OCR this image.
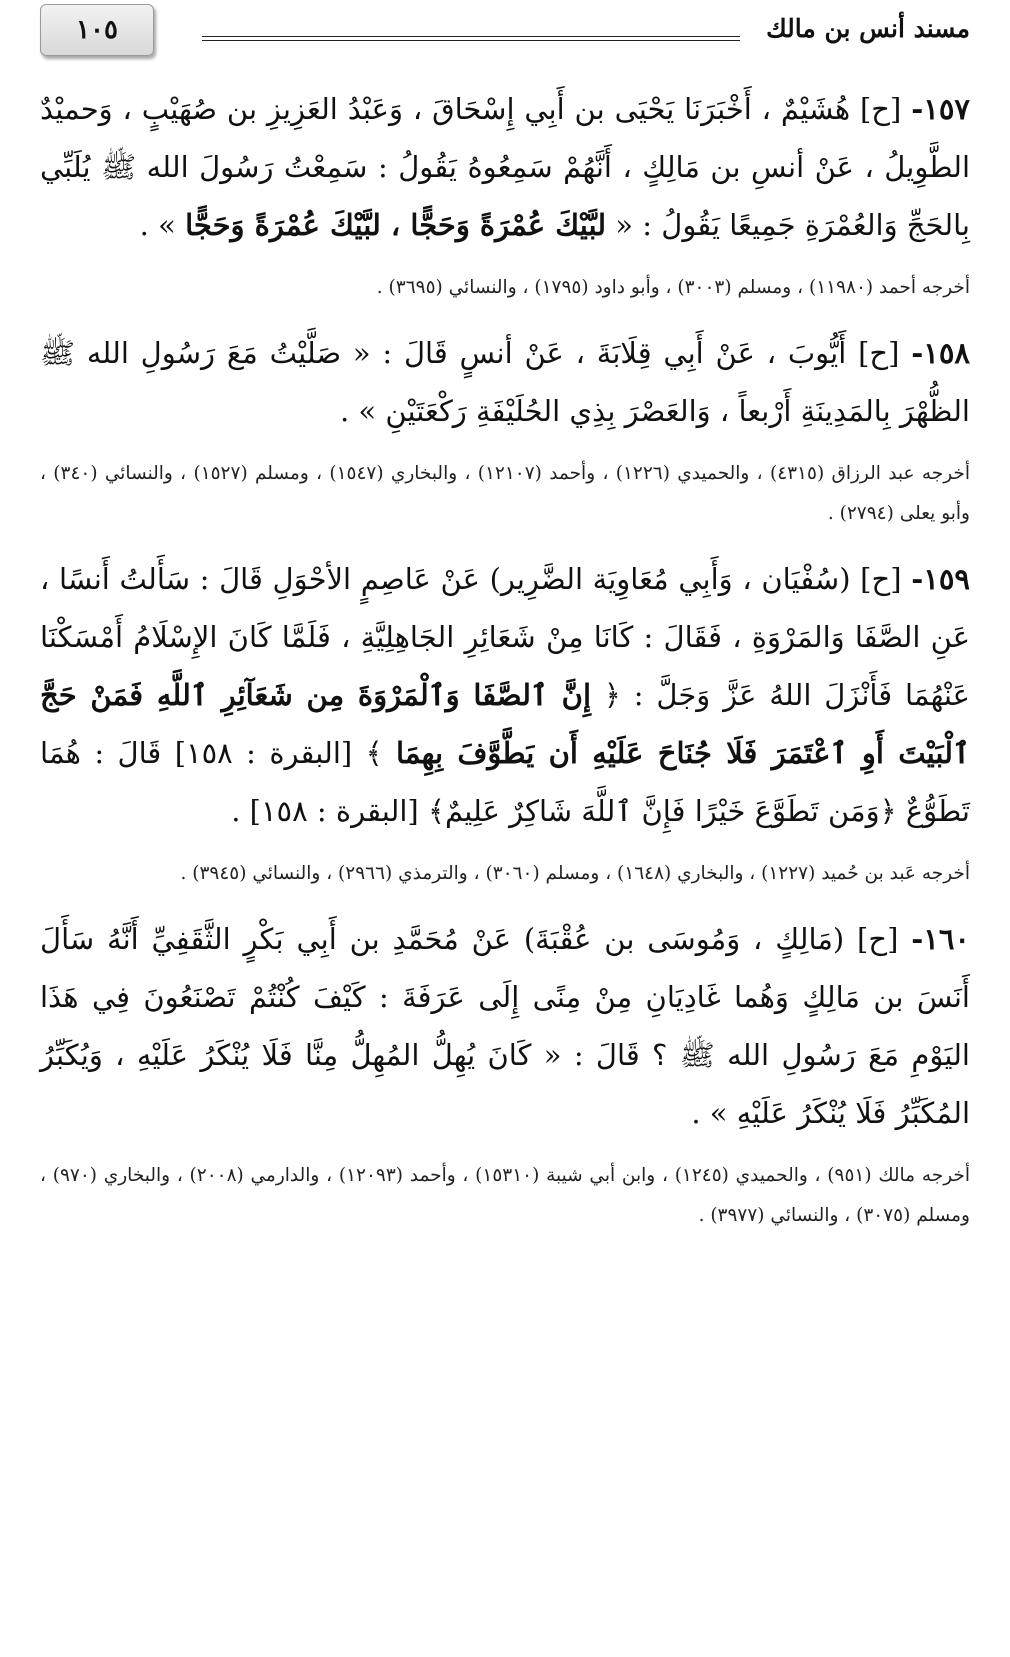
مسند أنس بن مالك
١٠٥

١٥٧- [ح] هُشَيْمٌ ، أَخْبَرَنَا يَحْيَى بن أَبِي إِسْحَاقَ ، وَعَبْدُ العَزِيزِ بن صُهَيْبٍ ، وَحميْدٌ الطَّوِيلُ ، عَنْ أنسِ بن مَالِكٍ ، أَنَّهُمْ سَمِعُوهُ يَقُولُ : سَمِعْتُ رَسُولَ الله ﷺ يُلَبِّي بِالحَجِّ وَالعُمْرَةِ جَمِيعًا يَقُولُ : « لبَّيْكَ عُمْرَةً وَحَجًّا ، لبَّيْكَ عُمْرَةً وَحَجًّا » .

أخرجه أحمد (١١٩٨٠) ، ومسلم (٣٠٠٣) ، وأبو داود (١٧٩٥) ، والنسائي (٣٦٩٥) .

١٥٨- [ح] أَيُّوبَ ، عَنْ أَبِي قِلَابَةَ ، عَنْ أنسٍ قَالَ : « صَلَّيْتُ مَعَ رَسُولِ الله ﷺ الظُّهْرَ بِالمَدِينَةِ أَرْبعاً ، وَالعَصْرَ بِذِي الحُلَيْفَةِ رَكْعَتَيْنِ » .

أخرجه عبد الرزاق (٤٣١٥) ، والحميدي (١٢٢٦) ، وأحمد (١٢١٠٧) ، والبخاري (١٥٤٧) ، ومسلم (١٥٢٧) ، والنسائي (٣٤٠) ، وأبو يعلى (٢٧٩٤) .

١٥٩- [ح] (سُفْيَان ، وَأَبِي مُعَاوِيَة الضَّرِير) عَنْ عَاصِمٍ الأحْوَلِ قَالَ : سَأَلتُ أَنسًا ، عَنِ الصَّفَا وَالمَرْوَةِ ، فَقَالَ : كَانَا مِنْ شَعَائِرِ الجَاهِلِيَّةِ ، فَلَمَّا كَانَ الإِسْلَامُ أَمْسَكْنَا عَنْهُمَا فَأَنْزَلَ اللهُ عَزَّ وَجَلَّ : ﴿ إِنَّ ٱلصَّفَا وَٱلْمَرْوَةَ مِن شَعَآئِرِ ٱللَّهِ فَمَنْ حَجَّ ٱلْبَيْتَ أَوِ ٱعْتَمَرَ فَلَا جُنَاحَ عَلَيْهِ أَن يَطَّوَّفَ بِهِمَا ﴾ [البقرة : ١٥٨] قَالَ : هُمَا تَطَوُّعٌ ﴿وَمَن تَطَوَّعَ خَيْرًا فَإِنَّ ٱللَّهَ شَاكِرٌ عَلِيمٌ﴾ [البقرة : ١٥٨] .

أخرجه عَبد بن حُميد (١٢٢٧) ، والبخاري (١٦٤٨) ، ومسلم (٣٠٦٠) ، والترمذي (٢٩٦٦) ، والنسائي (٣٩٤٥) .

١٦٠- [ح] (مَالِكٍ ، وَمُوسَى بن عُقْبَةَ) عَنْ مُحَمَّدِ بن أَبِي بَكْرٍ الثَّقَفِيِّ أَنَّهُ سَأَلَ أَنَسَ بن مَالِكٍ وَهُما غَادِيَانِ مِنْ مِنًى إِلَى عَرَفَةَ : كَيْفَ كُنْتُمْ تَصْنَعُونَ فِي هَذَا اليَوْمِ مَعَ رَسُولِ الله ﷺ ؟ قَالَ : « كَانَ يُهِلُّ المُهِلُّ مِنَّا فَلَا يُنْكَرُ عَلَيْهِ ، وَيُكَبِّرُ المُكَبِّرُ فَلَا يُنْكَرُ عَلَيْهِ » .

أخرجه مالك (٩٥١) ، والحميدي (١٢٤٥) ، وابن أبي شيبة (١٥٣١٠) ، وأحمد (١٢٠٩٣) ، والدارمي (٢٠٠٨) ، والبخاري (٩٧٠) ، ومسلم (٣٠٧٥) ، والنسائي (٣٩٧٧) .
